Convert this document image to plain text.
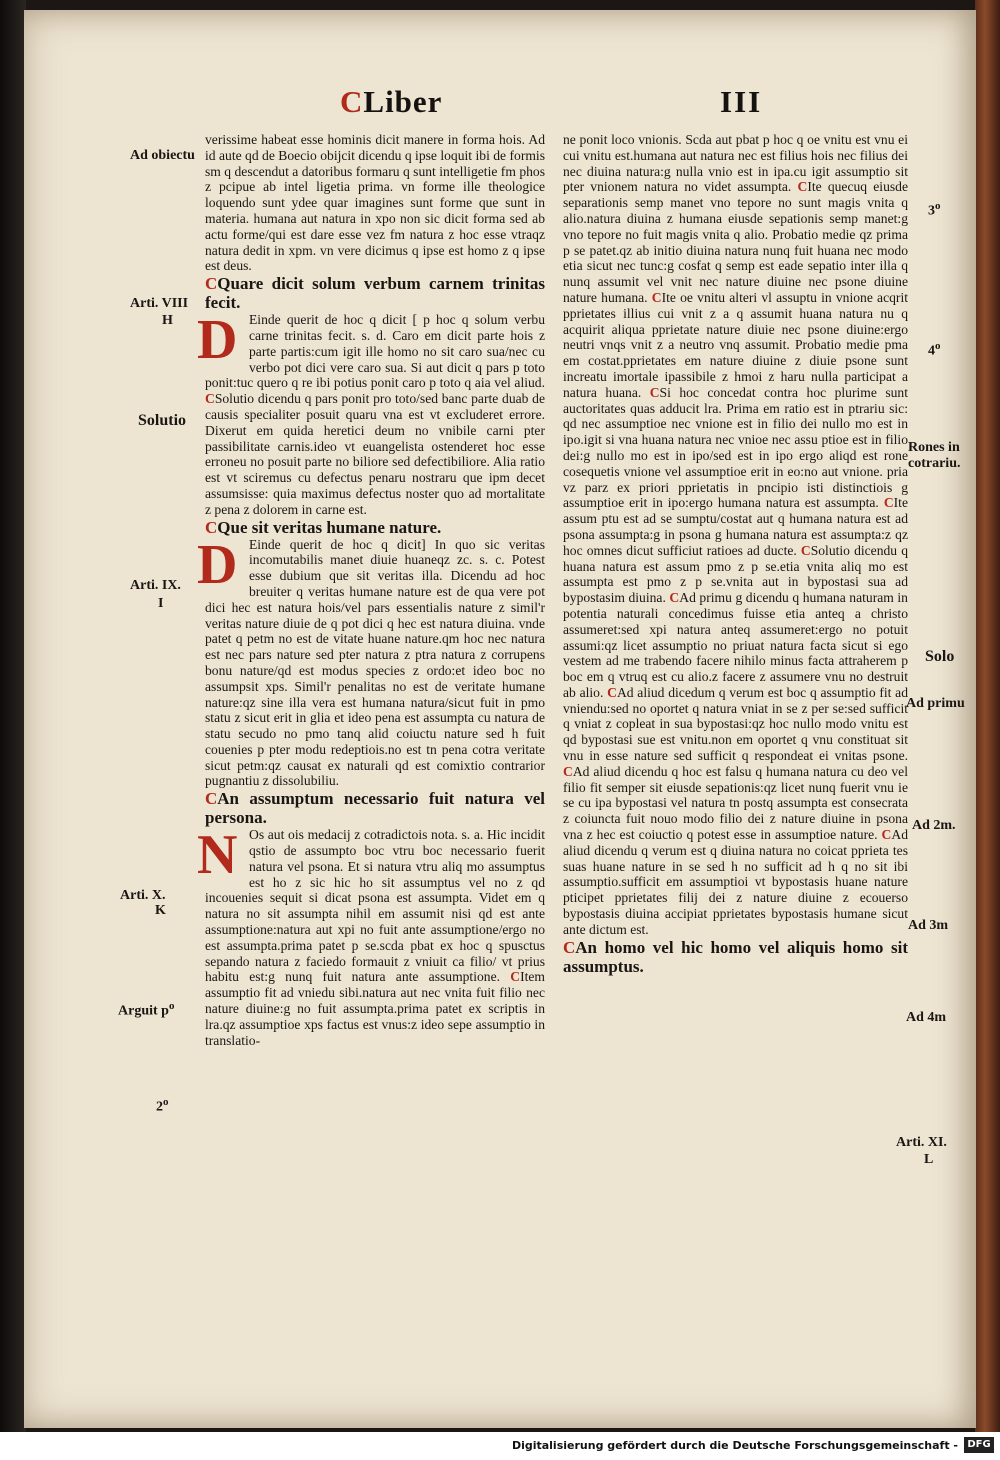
CLiber	III

verissime habeat esse hominis dicit manere in forma hois. Ad id aute qd de Boecio obijcit dicendu q ipse loquit ibi de formis sm q descendut a datoribus formaru q sunt intelligetie fm phos z pcipue ab intel ligetia prima. vn forme ille theologice loquendo sunt ydee quar imagines sunt forme que sunt in materia. humana aut natura in xpo non sic dicit forma sed ab actu forme/qui est dare esse vez fm natura z hoc esse vtraqz natura dedit in xpm. vn vere dicimus q ipse est homo z q ipse est deus.

CQuare dicit solum verbum carnem trinitas fecit.

D Einde querit de hoc q dicit [ p hoc q solum verbu carne trinitas fecit. s. d. Caro em dicit parte hois z parte partis:cum igit ille homo no sit caro sua/nec cu verbo pot dici vere caro sua. Si aut dicit q pars p toto ponit:tuc quero q re ibi potius ponit caro p toto q aia vel aliud. CSolutio dicendu q pars ponit pro toto/sed banc parte duab de causis specialiter posuit quaru vna est vt excluderet errore. Dixerut em quida heretici deum no vnibile carni pter passibilitate carnis.ideo vt euangelista ostenderet hoc esse erroneu no posuit parte no biliore sed defectibiliore. Alia ratio est vt sciremus cu defectus penaru nostraru que ipm decet assumsisse: quia maximus defectus noster quo ad mortalitate z pena z dolorem in carne est.

CQue sit veritas humane nature.

D Einde querit de hoc q dicit] In quo sic veritas incomutabilis manet diuie huaneqz zc. s. c. Potest esse dubium que sit veritas illa. Dicendu ad hoc breuiter q veritas humane nature est de qua vere pot dici hec est natura hois/vel pars essentialis nature z simil'r veritas nature diuie de q pot dici q hec est natura diuina. vnde patet q petm no est de vitate huane nature.qm hoc nec natura est nec pars nature sed pter natura z ptra natura z corrupens bonu nature/qd est modus species z ordo:et ideo boc no assumpsit xps. Simil'r penalitas no est de veritate humane nature:qz sine illa vera est humana natura/sicut fuit in pmo statu z sicut erit in glia et ideo pena est assumpta cu natura de statu secudo no pmo tanq alid coiuctu nature sed h fuit couenies p pter modu redeptiois.no est tn pena cotra veritate sicut petm:qz causat ex naturali qd est comixtio contrarior pugnantiu z dissolubiliu.

CAn assumptum necessario fuit natura vel persona.

N Os aut ois medacij z cotradictois nota. s. a. Hic incidit qstio de assumpto boc vtru boc necessario fuerit natura vel psona. Et si natura vtru aliq mo assumptus est ho z sic hic ho sit assumptus vel no z qd incouenies sequit si dicat psona est assumpta. Videt em q natura no sit assumpta nihil em assumit nisi qd est ante assumptione:natura aut xpi no fuit ante assumptione/ergo no est assumpta.prima patet p se.scda pbat ex hoc q spusctus sepando natura z faciedo formauit z vniuit ca filio/ vt prius habitu est:g nunq fuit natura ante assumptione. CItem assumptio fit ad vniedu sibi.natura aut nec vnita fuit filio nec nature diuine:g no fuit assumpta.prima patet ex scriptis in lra.qz assumptioe xps factus est vnus:z ideo sepe assumptio in translatio-

ne ponit loco vnionis. Scda aut pbat p hoc q oe vnitu est vnu ei cui vnitu est.humana aut natura nec est filius hois nec filius dei nec diuina natura:g nulla vnio est in ipa.cu igit assumptio sit pter vnionem natura no videt assumpta. CIte quecuq eiusde separationis semp manet vno tepore no sunt magis vnita q alio.natura diuina z humana eiusde sepationis semp manet:g vno tepore no fuit magis vnita q alio. Probatio medie qz prima p se patet.qz ab initio diuina natura nunq fuit huana nec modo etia sicut nec tunc:g cosfat q semp est eade sepatio inter illa q nunq assumit vel vnit nec nature diuine nec psone diuine nature humana. CIte oe vnitu alteri vl assuptu in vnione acqrit pprietates illius cui vnit z a q assumit huana natura nu q acquirit aliqua pprietate nature diuie nec psone diuine:ergo neutri vnqs vnit z a neutro vnq assumit. Probatio medie pma em costat.pprietates em nature diuine z diuie psone sunt increatu imortale ipassibile z hmoi z haru nulla participat a natura huana. CSi hoc concedat contra hoc plurime sunt auctoritates quas adducit lra. Prima em ratio est in ptrariu sic: qd nec assumptioe nec vnione est in filio dei nullo mo est in ipo.igit si vna huana natura nec vnioe nec assu ptioe est in filio dei:g nullo mo est in ipo/sed est in ipo ergo aliqd est rone cosequetis vnione vel assumptioe erit in eo:no aut vnione. pria vz parz ex priori pprietatis in pncipio isti distinctiois g assumptioe erit in ipo:ergo humana natura est assumpta. CIte assum ptu est ad se sumptu/costat aut q humana natura est ad psona assumpta:g in psona g humana natura est assumpta:z qz hoc omnes dicut sufficiut ratioes ad ducte. CSolutio dicendu q huana natura est assum pmo z p se.etia vnita aliq mo est assumpta est pmo z p se.vnita aut in bypostasi sua ad bypostasim diuina. CAd primu g dicendu q humana naturam in potentia naturali concedimus fuisse etia anteq a christo assumeret:sed xpi natura anteq assumeret:ergo no potuit assumi:qz licet assumptio no priuat natura facta sicut si ego vestem ad me trabendo facere nihilo minus facta attraherem p boc em q vtruq est cu alio.z facere z assumere vnu no destruit ab alio. CAd aliud dicedum q verum est boc q assumptio fit ad vniendu:sed no oportet q natura vniat in se z per se:sed sufficit q vniat z copleat in sua bypostasi:qz hoc nullo modo vnitu est qd bypostasi sue est vnitu.non em oportet q vnu constituat sit vnu in esse nature sed sufficit q respondeat ei vnitas psone. CAd aliud dicendu q hoc est falsu q humana natura cu deo vel filio fit semper sit eiusde sepationis:qz licet nunq fuerit vnu ie se cu ipa bypostasi vel natura tn postq assumpta est consecrata z coiuncta fuit nouo modo filio dei z nature diuine in psona vna z hec est coiuctio q potest esse in assumptioe nature. CAd aliud dicendu q verum est q diuina natura no coicat pprieta tes suas huane nature in se sed h no sufficit ad h q no sit ibi assumptio.sufficit em assumptioi vt bypostasis huane nature pticipet pprietates filij dei z nature diuine z ecouerso bypostasis diuina accipiat pprietates bypostasis humane sicut ante dictum est.

CAn homo vel hic homo vel aliquis homo sit assumptus.

Ad obiectu
Arti. VIII
H
Solutio
Arti. IX.
I
Arti. X.
K
Arguit $p^o$
2$^o$
3$^o$
4$^o$
Rones in cotrariu.
Solo
Ad primu
Ad 2m.
Ad 3m
Ad 4m
Arti. XI.
L
Digitalisierung gefördert durch die Deutsche Forschungsgemeinschaft - DFG
